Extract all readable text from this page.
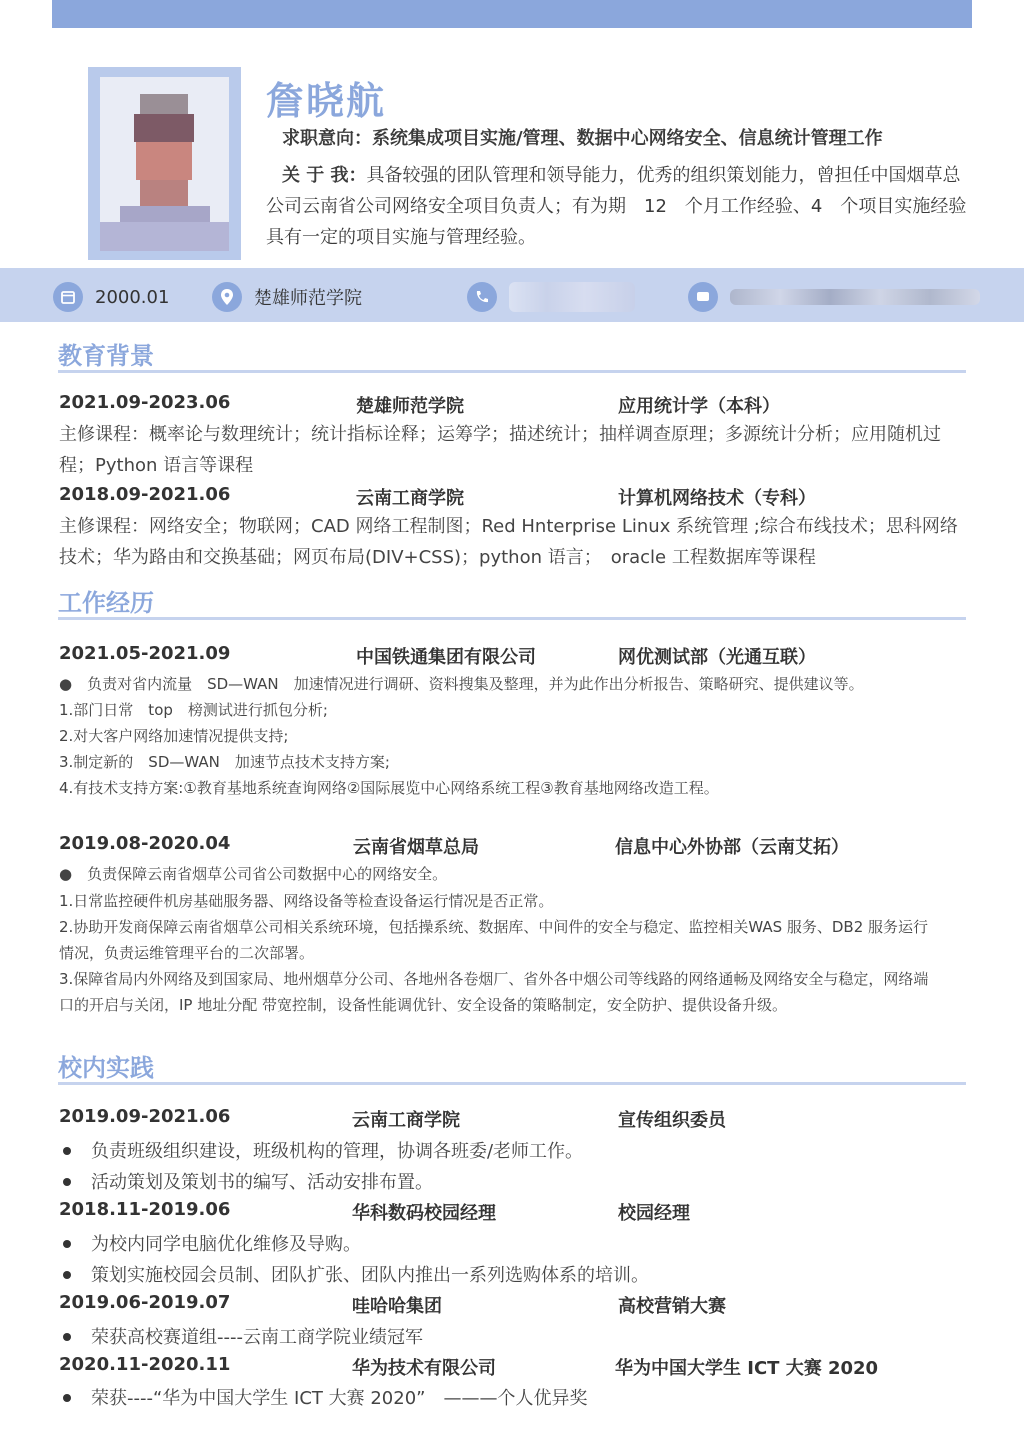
詹晓航
求职意向：系统集成项目实施/管理、数据中心网络安全、信息统计管理工作
关 于 我：具备较强的团队管理和领导能力，优秀的组织策划能力，曾担任中国烟草总公司云南省公司网络安全项目负责人；有为期　12　个月工作经验、4　个项目实施经验具有一定的项目实施与管理经验。
2000.01	楚雄师范学院
教育背景
2021.09-2023.06	楚雄师范学院	应用统计学（本科）
主修课程：概率论与数理统计；统计指标诠释；运筹学；描述统计；抽样调查原理；多源统计分析；应用随机过程；Python 语言等课程
2018.09-2021.06	云南工商学院	计算机网络技术（专科）
主修课程：网络安全；物联网；CAD 网络工程制图；Red Hnterprise Linux 系统管理 ;综合布线技术；思科网络技术；华为路由和交换基础；网页布局(DIV+CSS)；python 语言；　oracle 工程数据库等课程
工作经历
2021.05-2021.09	中国铁通集团有限公司	网优测试部（光通互联）
●　负责对省内流量　SD—WAN　加速情况进行调研、资料搜集及整理，并为此作出分析报告、策略研究、提供建议等。
1.部门日常　top　榜测试进行抓包分析;
2.对大客户网络加速情况提供支持;
3.制定新的　SD—WAN　加速节点技术支持方案;
4.有技术支持方案:①教育基地系统查询网络②国际展览中心网络系统工程③教育基地网络改造工程。
2019.08-2020.04	云南省烟草总局	信息中心外协部（云南艾拓）
●　负责保障云南省烟草公司省公司数据中心的网络安全。
1.日常监控硬件机房基础服务器、网络设备等检查设备运行情况是否正常。
2.协助开发商保障云南省烟草公司相关系统环境，包括操系统、数据库、中间件的安全与稳定、监控相关WAS 服务、DB2 服务运行情况，负责运维管理平台的二次部署。
3.保障省局内外网络及到国家局、地州烟草分公司、各地州各卷烟厂、省外各中烟公司等线路的网络通畅及网络安全与稳定，网络端口的开启与关闭，IP 地址分配 带宽控制，设备性能调优针、安全设备的策略制定，安全防护、提供设备升级。
校内实践
2019.09-2021.06	云南工商学院	宣传组织委员
负责班级组织建设，班级机构的管理，协调各班委/老师工作。
活动策划及策划书的编写、活动安排布置。
2018.11-2019.06	华科数码校园经理	校园经理
为校内同学电脑优化维修及导购。
策划实施校园会员制、团队扩张、团队内推出一系列选购体系的培训。
2019.06-2019.07	哇哈哈集团	高校营销大赛
荣获高校赛道组----云南工商学院业绩冠军
2020.11-2020.11	华为技术有限公司	华为中国大学生 ICT 大赛 2020
荣获----“华为中国大学生 ICT 大赛 2020”　———个人优异奖
